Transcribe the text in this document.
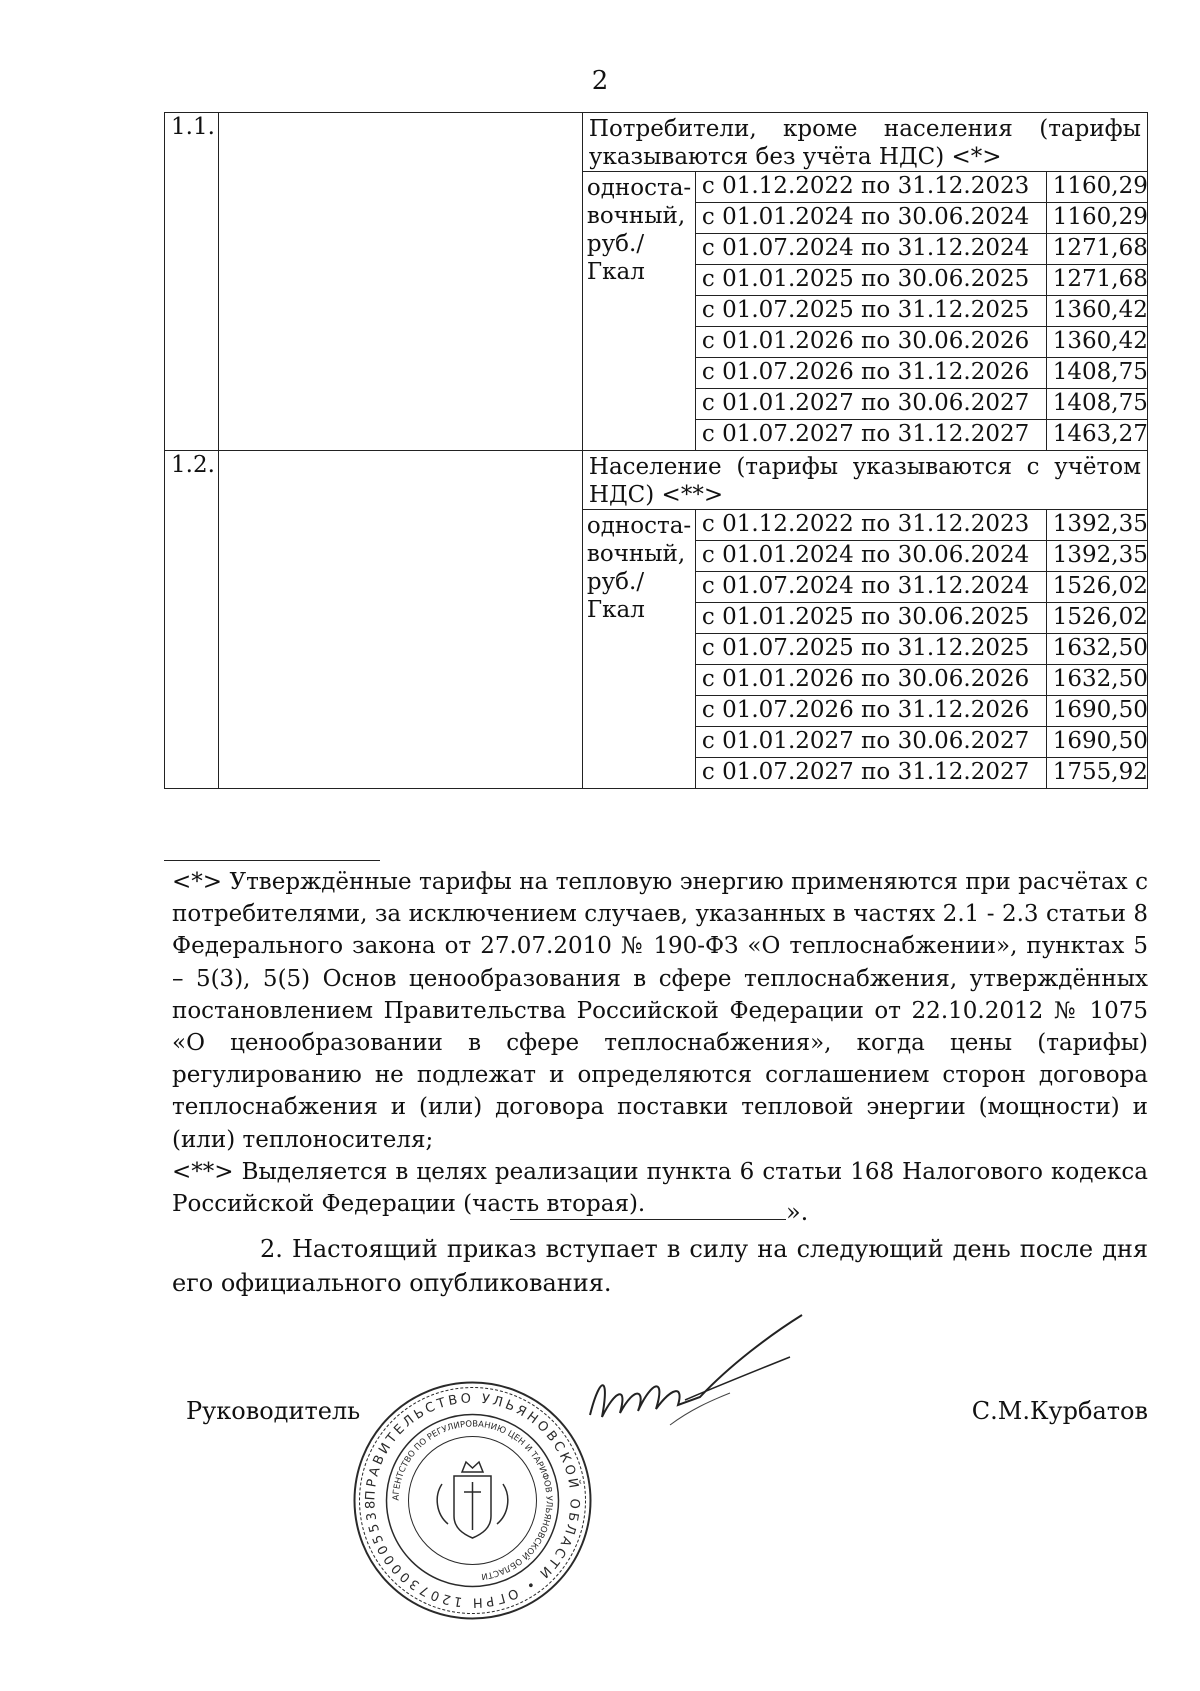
2
1.1.		Потребители, кроме населения (тарифы указываются без учёта НДС) <*>		

		односта-
вочный,
руб./Гкал	с 01.12.2022 по 31.12.2023	1160,29
			с 01.01.2024 по 30.06.2024	1160,29
			с 01.07.2024 по 31.12.2024	1271,68
			с 01.01.2025 по 30.06.2025	1271,68
			с 01.07.2025 по 31.12.2025	1360,42
			с 01.01.2026 по 30.06.2026	1360,42
			с 01.07.2026 по 31.12.2026	1408,75
			с 01.01.2027 по 30.06.2027	1408,75
			с 01.07.2027 по 31.12.2027	1463,27
1.2.		Население (тарифы указываются с учётом НДС) <**>		

		односта-
вочный,
руб./Гкал	с 01.12.2022 по 31.12.2023	1392,35
			с 01.01.2024 по 30.06.2024	1392,35
			с 01.07.2024 по 31.12.2024	1526,02
			с 01.01.2025 по 30.06.2025	1526,02
			с 01.07.2025 по 31.12.2025	1632,50
			с 01.01.2026 по 30.06.2026	1632,50
			с 01.07.2026 по 31.12.2026	1690,50
			с 01.01.2027 по 30.06.2027	1690,50
			с 01.07.2027 по 31.12.2027	1755,92

<*> Утверждённые тарифы на тепловую энергию применяются при расчётах с потребителями, за исключением случаев, указанных в частях 2.1 - 2.3 статьи 8 Федерального закона от 27.07.2010 № 190-ФЗ «О теплоснабжении», пунктах 5 – 5(3), 5(5) Основ ценообразования в сфере теплоснабжения, утверждённых постановлением Правительства Российской Федерации от 22.10.2012 № 1075 «О ценообразовании в сфере теплоснабжения», когда цены (тарифы) регулированию не подлежат и определяются соглашением сторон договора теплоснабжения и (или) договора поставки тепловой энергии (мощности) и (или) теплоносителя;

<**> Выделяется в целях реализации пункта 6 статьи 168 Налогового кодекса Российской Федерации (часть вторая).	».
2. Настоящий приказ вступает в силу на следующий день после дня его официального опубликования.
Руководитель	С.М.Курбатов
ПРАВИТЕЛЬСТВО УЛЬЯНОВСКОЙ ОБЛАСТИ • ОГРН 1207300005538	АГЕНТСТВО ПО РЕГУЛИРОВАНИЮ ЦЕН И ТАРИФОВ УЛЬЯНОВСКОЙ ОБЛАСТИ
